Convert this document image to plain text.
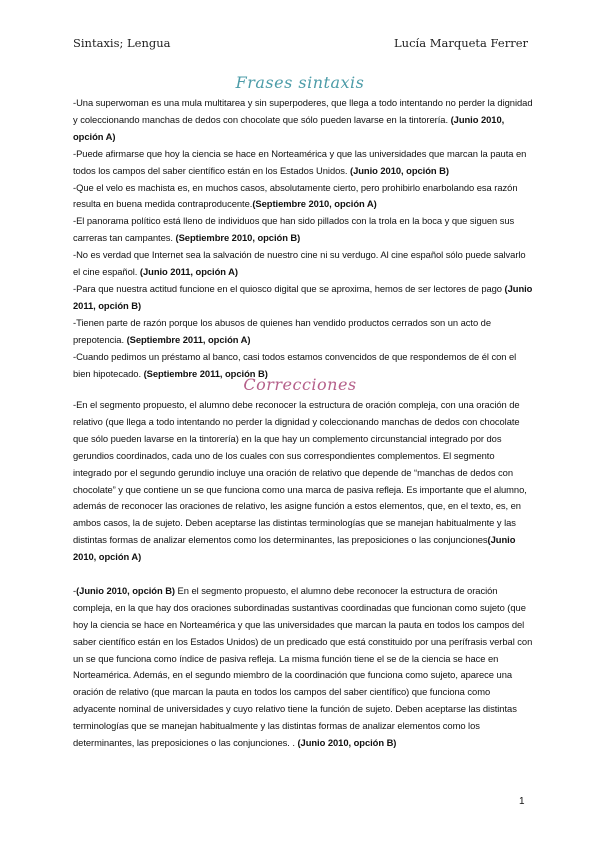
Sintaxis; Lengua	Lucía Marqueta Ferrer
Frases sintaxis

-Una superwoman es una mula multitarea y sin superpoderes, que llega a todo intentando no perder la dignidad y coleccionando manchas de dedos con chocolate que sólo pueden lavarse en la tintorería. (Junio 2010, opción A)

-Puede afirmarse que hoy la ciencia se hace en Norteamérica y que las universidades que marcan la pauta en todos los campos del saber científico están en los Estados Unidos. (Junio 2010, opción B)

-Que el velo es machista es, en muchos casos, absolutamente cierto, pero prohibirlo enarbolando esa razón resulta en buena medida contraproducente.(Septiembre 2010, opción A)

-El panorama político está lleno de individuos que han sido pillados con la trola en la boca y que siguen sus carreras tan campantes. (Septiembre 2010, opción B)

-No es verdad que Internet sea la salvación de nuestro cine ni su verdugo. Al cine español sólo puede salvarlo el cine español. (Junio 2011, opción A)

-Para que nuestra actitud funcione en el quiosco digital que se aproxima, hemos de ser lectores de pago (Junio 2011, opción B)

-Tienen parte de razón porque los abusos de quienes han vendido productos cerrados son un acto de prepotencia. (Septiembre 2011, opción A)

-Cuando pedimos un préstamo al banco, casi todos estamos convencidos de que respondemos de él con el bien hipotecado. (Septiembre 2011, opción B)

Correcciones

-En el segmento propuesto, el alumno debe reconocer la estructura de oración compleja, con una oración de relativo (que llega a todo intentando no perder la dignidad y coleccionando manchas de dedos con chocolate que sólo pueden lavarse en la tintorería) en la que hay un complemento circunstancial integrado por dos gerundios coordinados, cada uno de los cuales con sus correspondientes complementos. El segmento integrado por el segundo gerundio incluye una oración de relativo que depende de “manchas de dedos con chocolate” y que contiene un se que funciona como una marca de pasiva refleja. Es importante que el alumno, además de reconocer las oraciones de relativo, les asigne función a estos elementos, que, en el texto, es, en ambos casos, la de sujeto. Deben aceptarse las distintas terminologías que se manejan habitualmente y las distintas formas de analizar elementos como los determinantes, las preposiciones o las conjunciones(Junio 2010, opción A)

-(Junio 2010, opción B) En el segmento propuesto, el alumno debe reconocer la estructura de oración compleja, en la que hay dos oraciones subordinadas sustantivas coordinadas que funcionan como sujeto (que hoy la ciencia se hace en Norteamérica y que las universidades que marcan la pauta en todos los campos del saber científico están en los Estados Unidos) de un predicado que está constituido por una perífrasis verbal con un se que funciona como índice de pasiva refleja. La misma función tiene el se de la ciencia se hace en Norteamérica. Además, en el segundo miembro de la coordinación que funciona como sujeto, aparece una oración de relativo (que marcan la pauta en todos los campos del saber científico) que funciona como adyacente nominal de universidades y cuyo relativo tiene la función de sujeto. Deben aceptarse las distintas terminologías que se manejan habitualmente y las distintas formas de analizar elementos como los determinantes, las preposiciones o las conjunciones. . (Junio 2010, opción B)

1
